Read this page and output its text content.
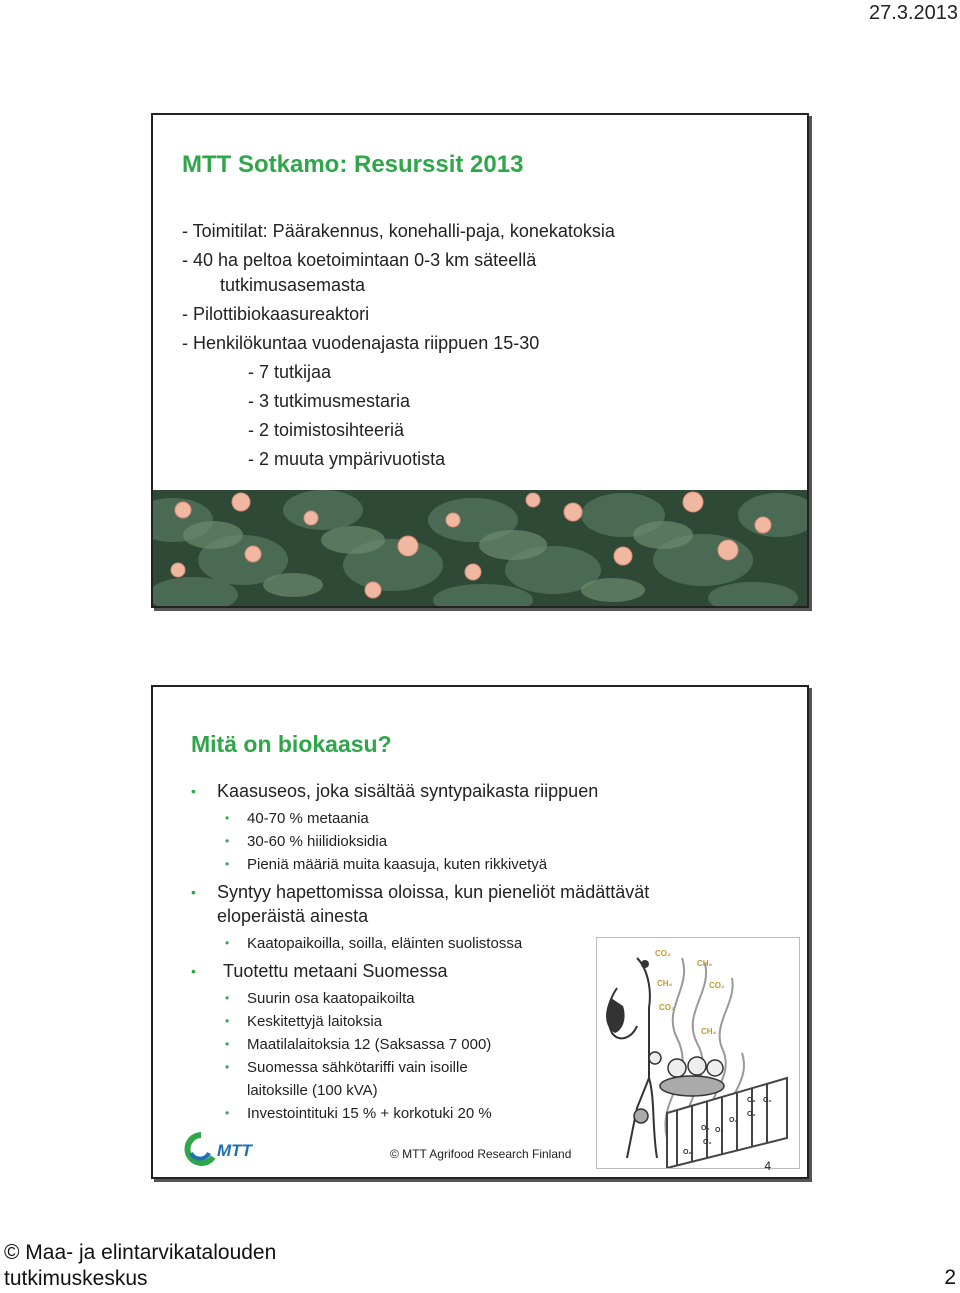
27.3.2013
MTT Sotkamo: Resurssit 2013
- Toimitilat: Päärakennus, konehalli-paja, konekatoksia
- 40 ha peltoa koetoimintaan 0-3 km säteellä
tutkimusasemasta
- Pilottibiokaasureaktori
- Henkilökuntaa vuodenajasta riippuen 15-30
- 7 tutkijaa
- 3 tutkimusmestaria
- 2 toimistosihteeriä
- 2 muuta ympärivuotista
Mitä on biokaasu?
• Kaasuseos, joka sisältää syntypaikasta riippuen
• 40-70 % metaania
• 30-60 % hiilidioksidia
• Pieniä määriä muita kaasuja, kuten rikkivetyä
• Syntyy hapettomissa oloissa, kun pieneliöt mädättävät eloperäistä ainesta
• Kaatopaikoilla, soilla, eläinten suolistossa
• Tuotettu metaani Suomessa
• Suurin osa kaatopaikoilta
• Keskitettyjä laitoksia
• Maatilalaitoksia 12 (Saksassa 7 000)
• Suomessa sähkötariffi vain isoille laitoksille (100 kVA)
• Investointituki 15 % + korkotuki 20 %
CO₂
CH₄
CH₄	CO₂
CO₂
CH₄
O₂ O₂
O₂
O₂
O₂ O₂
O₂
O₂
MTT	© MTT Agrifood Research Finland
4
© Maa- ja elintarvikatalouden
tutkimuskeskus	2
